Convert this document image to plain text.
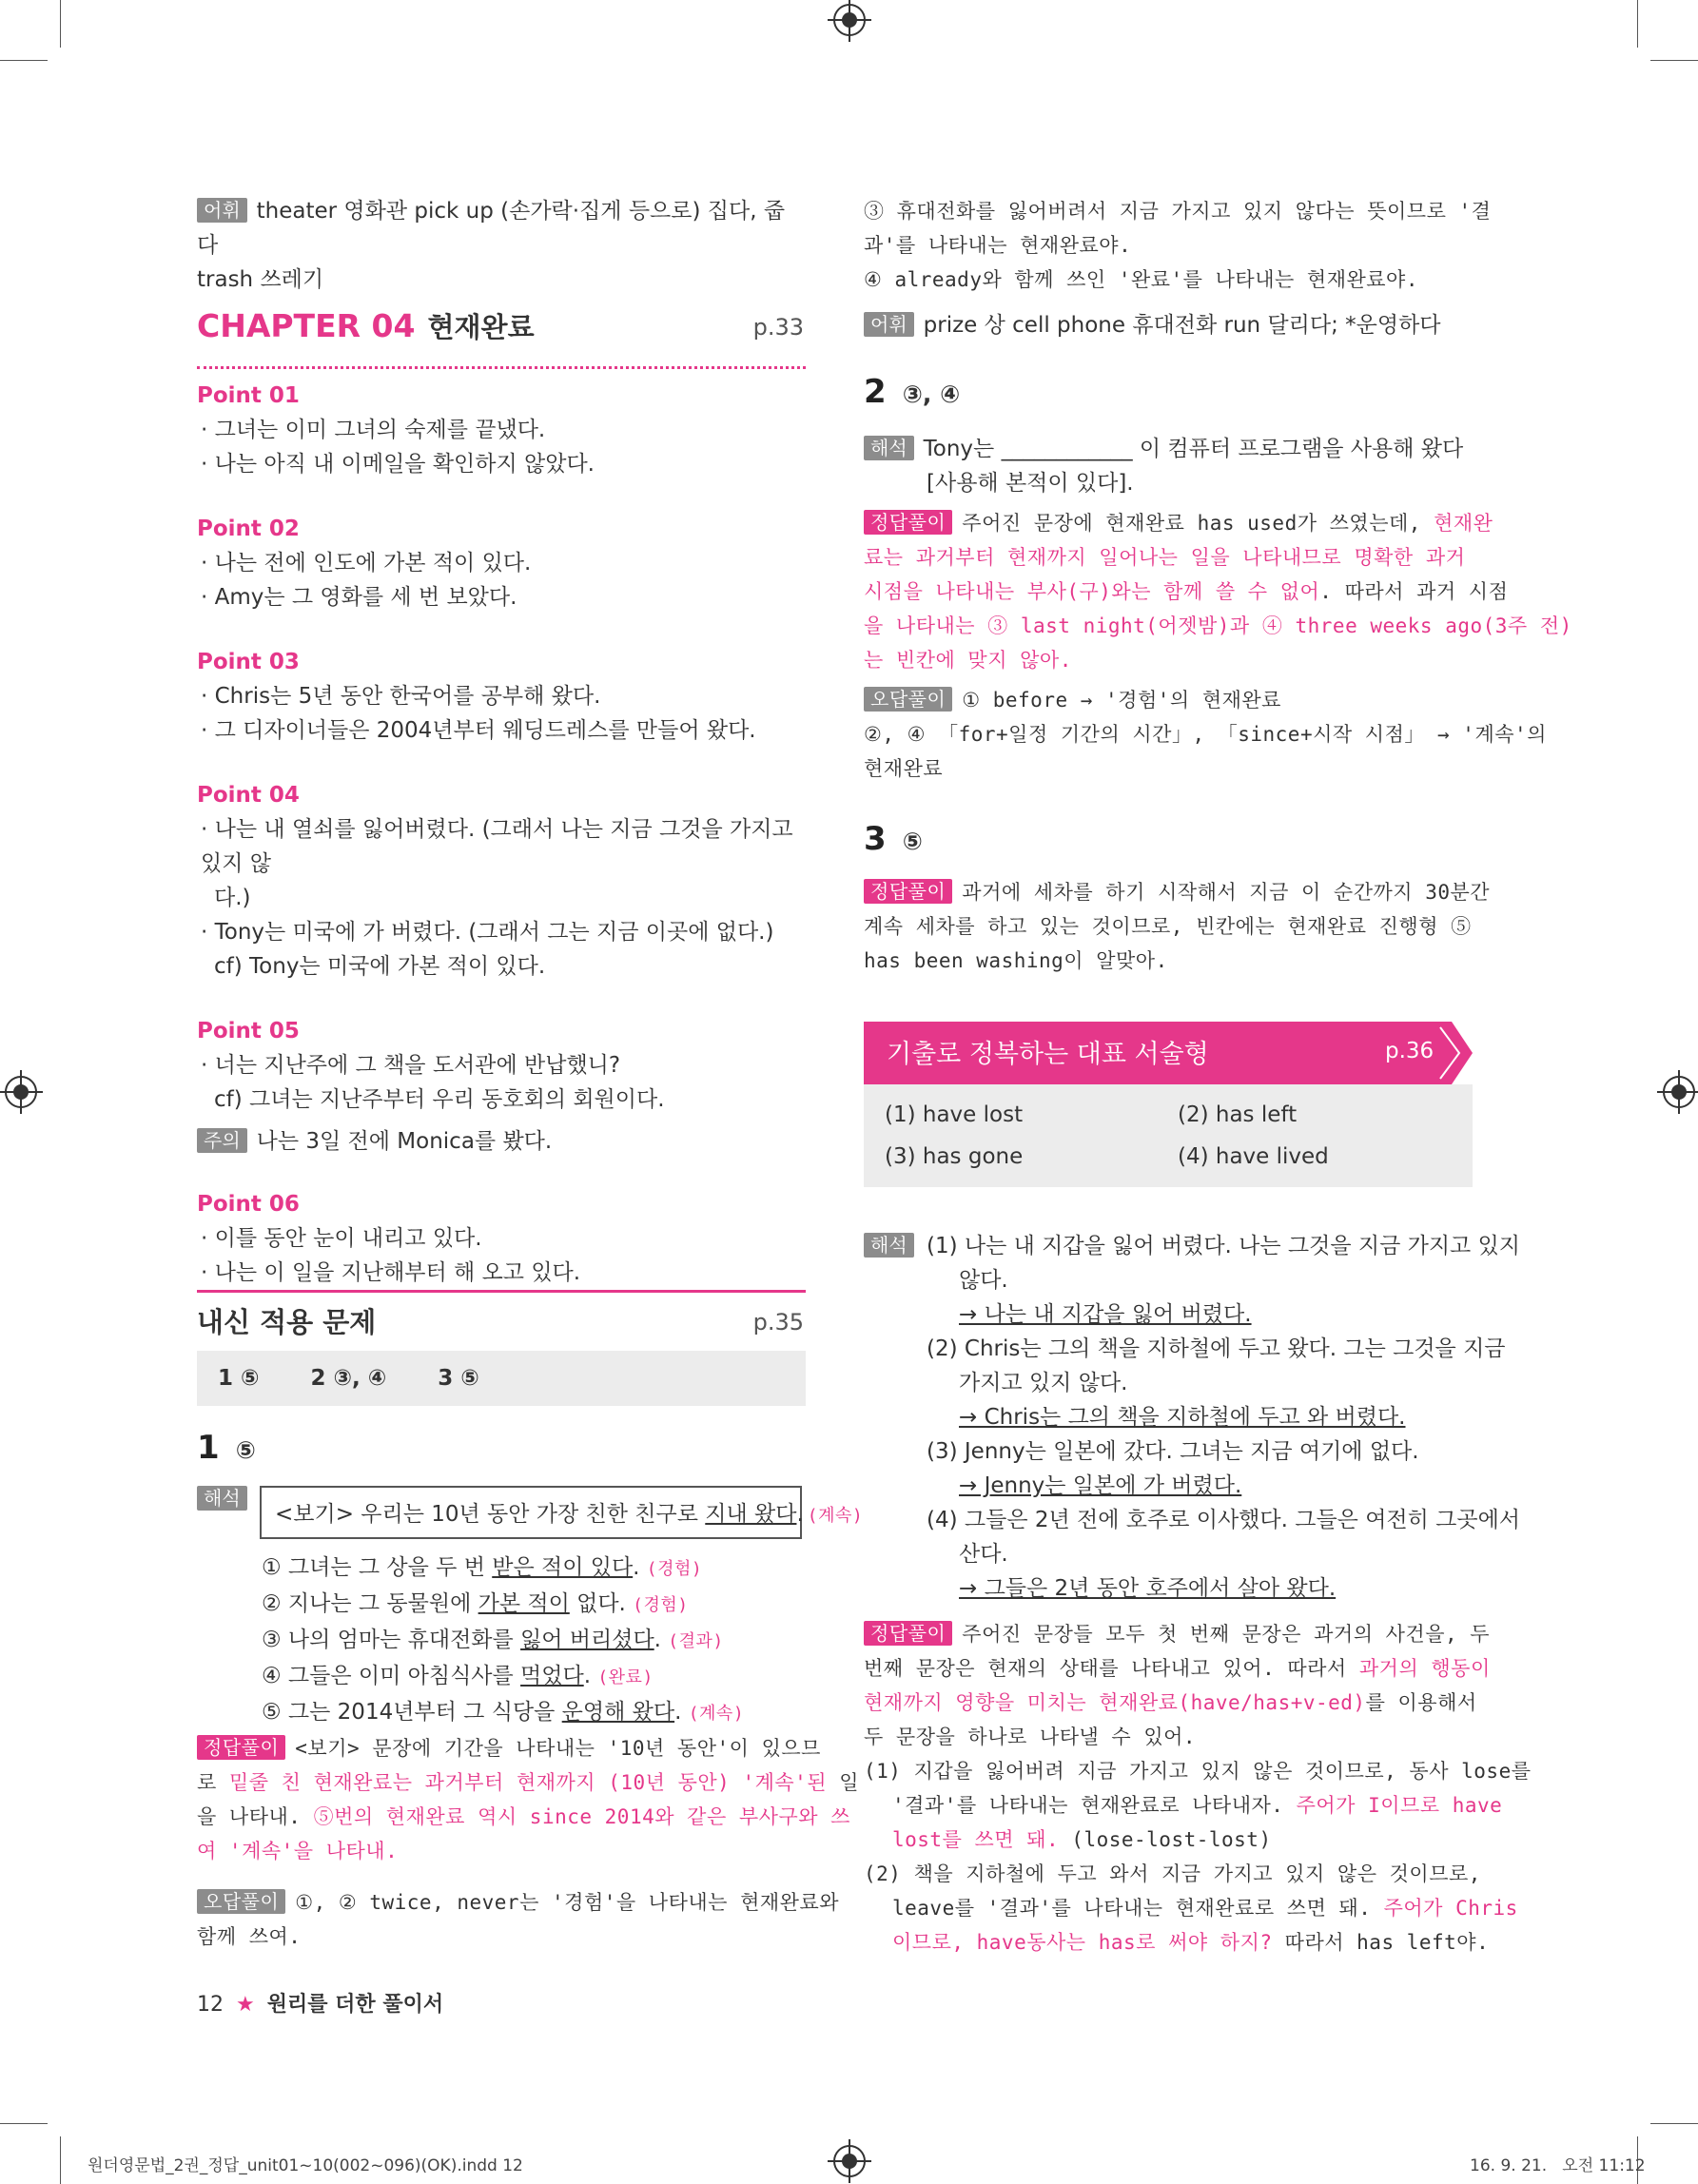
어휘 theater 영화관 pick up (손가락·집게 등으로) 집다, 줍다
trash 쓰레기
CHAPTER 04 현재완료	p.33
Point 01
· 그녀는 이미 그녀의 숙제를 끝냈다.
· 나는 아직 내 이메일을 확인하지 않았다.
Point 02
· 나는 전에 인도에 가본 적이 있다.
· Amy는 그 영화를 세 번 보았다.
Point 03
· Chris는 5년 동안 한국어를 공부해 왔다.
· 그 디자이너들은 2004년부터 웨딩드레스를 만들어 왔다.
Point 04
· 나는 내 열쇠를 잃어버렸다. (그래서 나는 지금 그것을 가지고 있지 않
다.)
· Tony는 미국에 가 버렸다. (그래서 그는 지금 이곳에 없다.)
cf) Tony는 미국에 가본 적이 있다.
Point 05
· 너는 지난주에 그 책을 도서관에 반납했니?
cf) 그녀는 지난주부터 우리 동호회의 회원이다.
주의 나는 3일 전에 Monica를 봤다.
Point 06
· 이틀 동안 눈이 내리고 있다.
· 나는 이 일을 지난해부터 해 오고 있다.
내신 적용 문제	p.35
1 ⑤ 2 ③, ④ 3 ⑤
1 ⑤
해석
<보기> 우리는 10년 동안 가장 친한 친구로 지내 왔다. (계속)
① 그녀는 그 상을 두 번 받은 적이 있다. (경험)
② 지나는 그 동물원에 가본 적이 없다. (경험)
③ 나의 엄마는 휴대전화를 잃어 버리셨다. (결과)
④ 그들은 이미 아침식사를 먹었다. (완료)
⑤ 그는 2014년부터 그 식당을 운영해 왔다. (계속)
정답풀이 <보기> 문장에 기간을 나타내는 '10년 동안'이 있으므
로 밑줄 친 현재완료는 과거부터 현재까지 (10년 동안) '계속'된 일
을 나타내. ⑤번의 현재완료 역시 since 2014와 같은 부사구와 쓰
여 '계속'을 나타내.
오답풀이 ①, ② twice, never는 '경험'을 나타내는 현재완료와
함께 쓰여.
12 ★ 원리를 더한 풀이서
③ 휴대전화를 잃어버려서 지금 가지고 있지 않다는 뜻이므로 '결
과'를 나타내는 현재완료야.
④ already와 함께 쓰인 '완료'를 나타내는 현재완료야.
어휘 prize 상 cell phone 휴대전화 run 달리다; *운영하다
2 ③, ④
해석 Tony는 ____________ 이 컴퓨터 프로그램을 사용해 왔다
[사용해 본적이 있다].
정답풀이 주어진 문장에 현재완료 has used가 쓰였는데, 현재완
료는 과거부터 현재까지 일어나는 일을 나타내므로 명확한 과거
시점을 나타내는 부사(구)와는 함께 쓸 수 없어. 따라서 과거 시점
을 나타내는 ③ last night(어젯밤)과 ④ three weeks ago(3주 전)
는 빈칸에 맞지 않아.
오답풀이 ① before → '경험'의 현재완료
②, ④ 「for+일정 기간의 시간」, 「since+시작 시점」 → '계속'의
현재완료
3 ⑤
정답풀이 과거에 세차를 하기 시작해서 지금 이 순간까지 30분간
계속 세차를 하고 있는 것이므로, 빈칸에는 현재완료 진행형 ⑤
has been washing이 알맞아.
기출로 정복하는 대표 서술형	p.36
(1) have lost	(2) has left
(3) has gone	(4) have lived
해석 (1) 나는 내 지갑을 잃어 버렸다. 나는 그것을 지금 가지고 있지
않다.
→ 나는 내 지갑을 잃어 버렸다.
(2) Chris는 그의 책을 지하철에 두고 왔다. 그는 그것을 지금
가지고 있지 않다.
→ Chris는 그의 책을 지하철에 두고 와 버렸다.
(3) Jenny는 일본에 갔다. 그녀는 지금 여기에 없다.
→ Jenny는 일본에 가 버렸다.
(4) 그들은 2년 전에 호주로 이사했다. 그들은 여전히 그곳에서
산다.
→ 그들은 2년 동안 호주에서 살아 왔다.
정답풀이 주어진 문장들 모두 첫 번째 문장은 과거의 사건을, 두
번째 문장은 현재의 상태를 나타내고 있어. 따라서 과거의 행동이
현재까지 영향을 미치는 현재완료(have/has+v-ed)를 이용해서
두 문장을 하나로 나타낼 수 있어.
(1) 지갑을 잃어버려 지금 가지고 있지 않은 것이므로, 동사 lose를
'결과'를 나타내는 현재완료로 나타내자. 주어가 I이므로 have
lost를 쓰면 돼. (lose-lost-lost)
(2) 책을 지하철에 두고 와서 지금 가지고 있지 않은 것이므로,
leave를 '결과'를 나타내는 현재완료로 쓰면 돼. 주어가 Chris
이므로, have동사는 has로 써야 하지? 따라서 has left야.
원더영문법_2권_정답_unit01~10(002~096)(OK).indd 12	16. 9. 21.   오전 11:12
